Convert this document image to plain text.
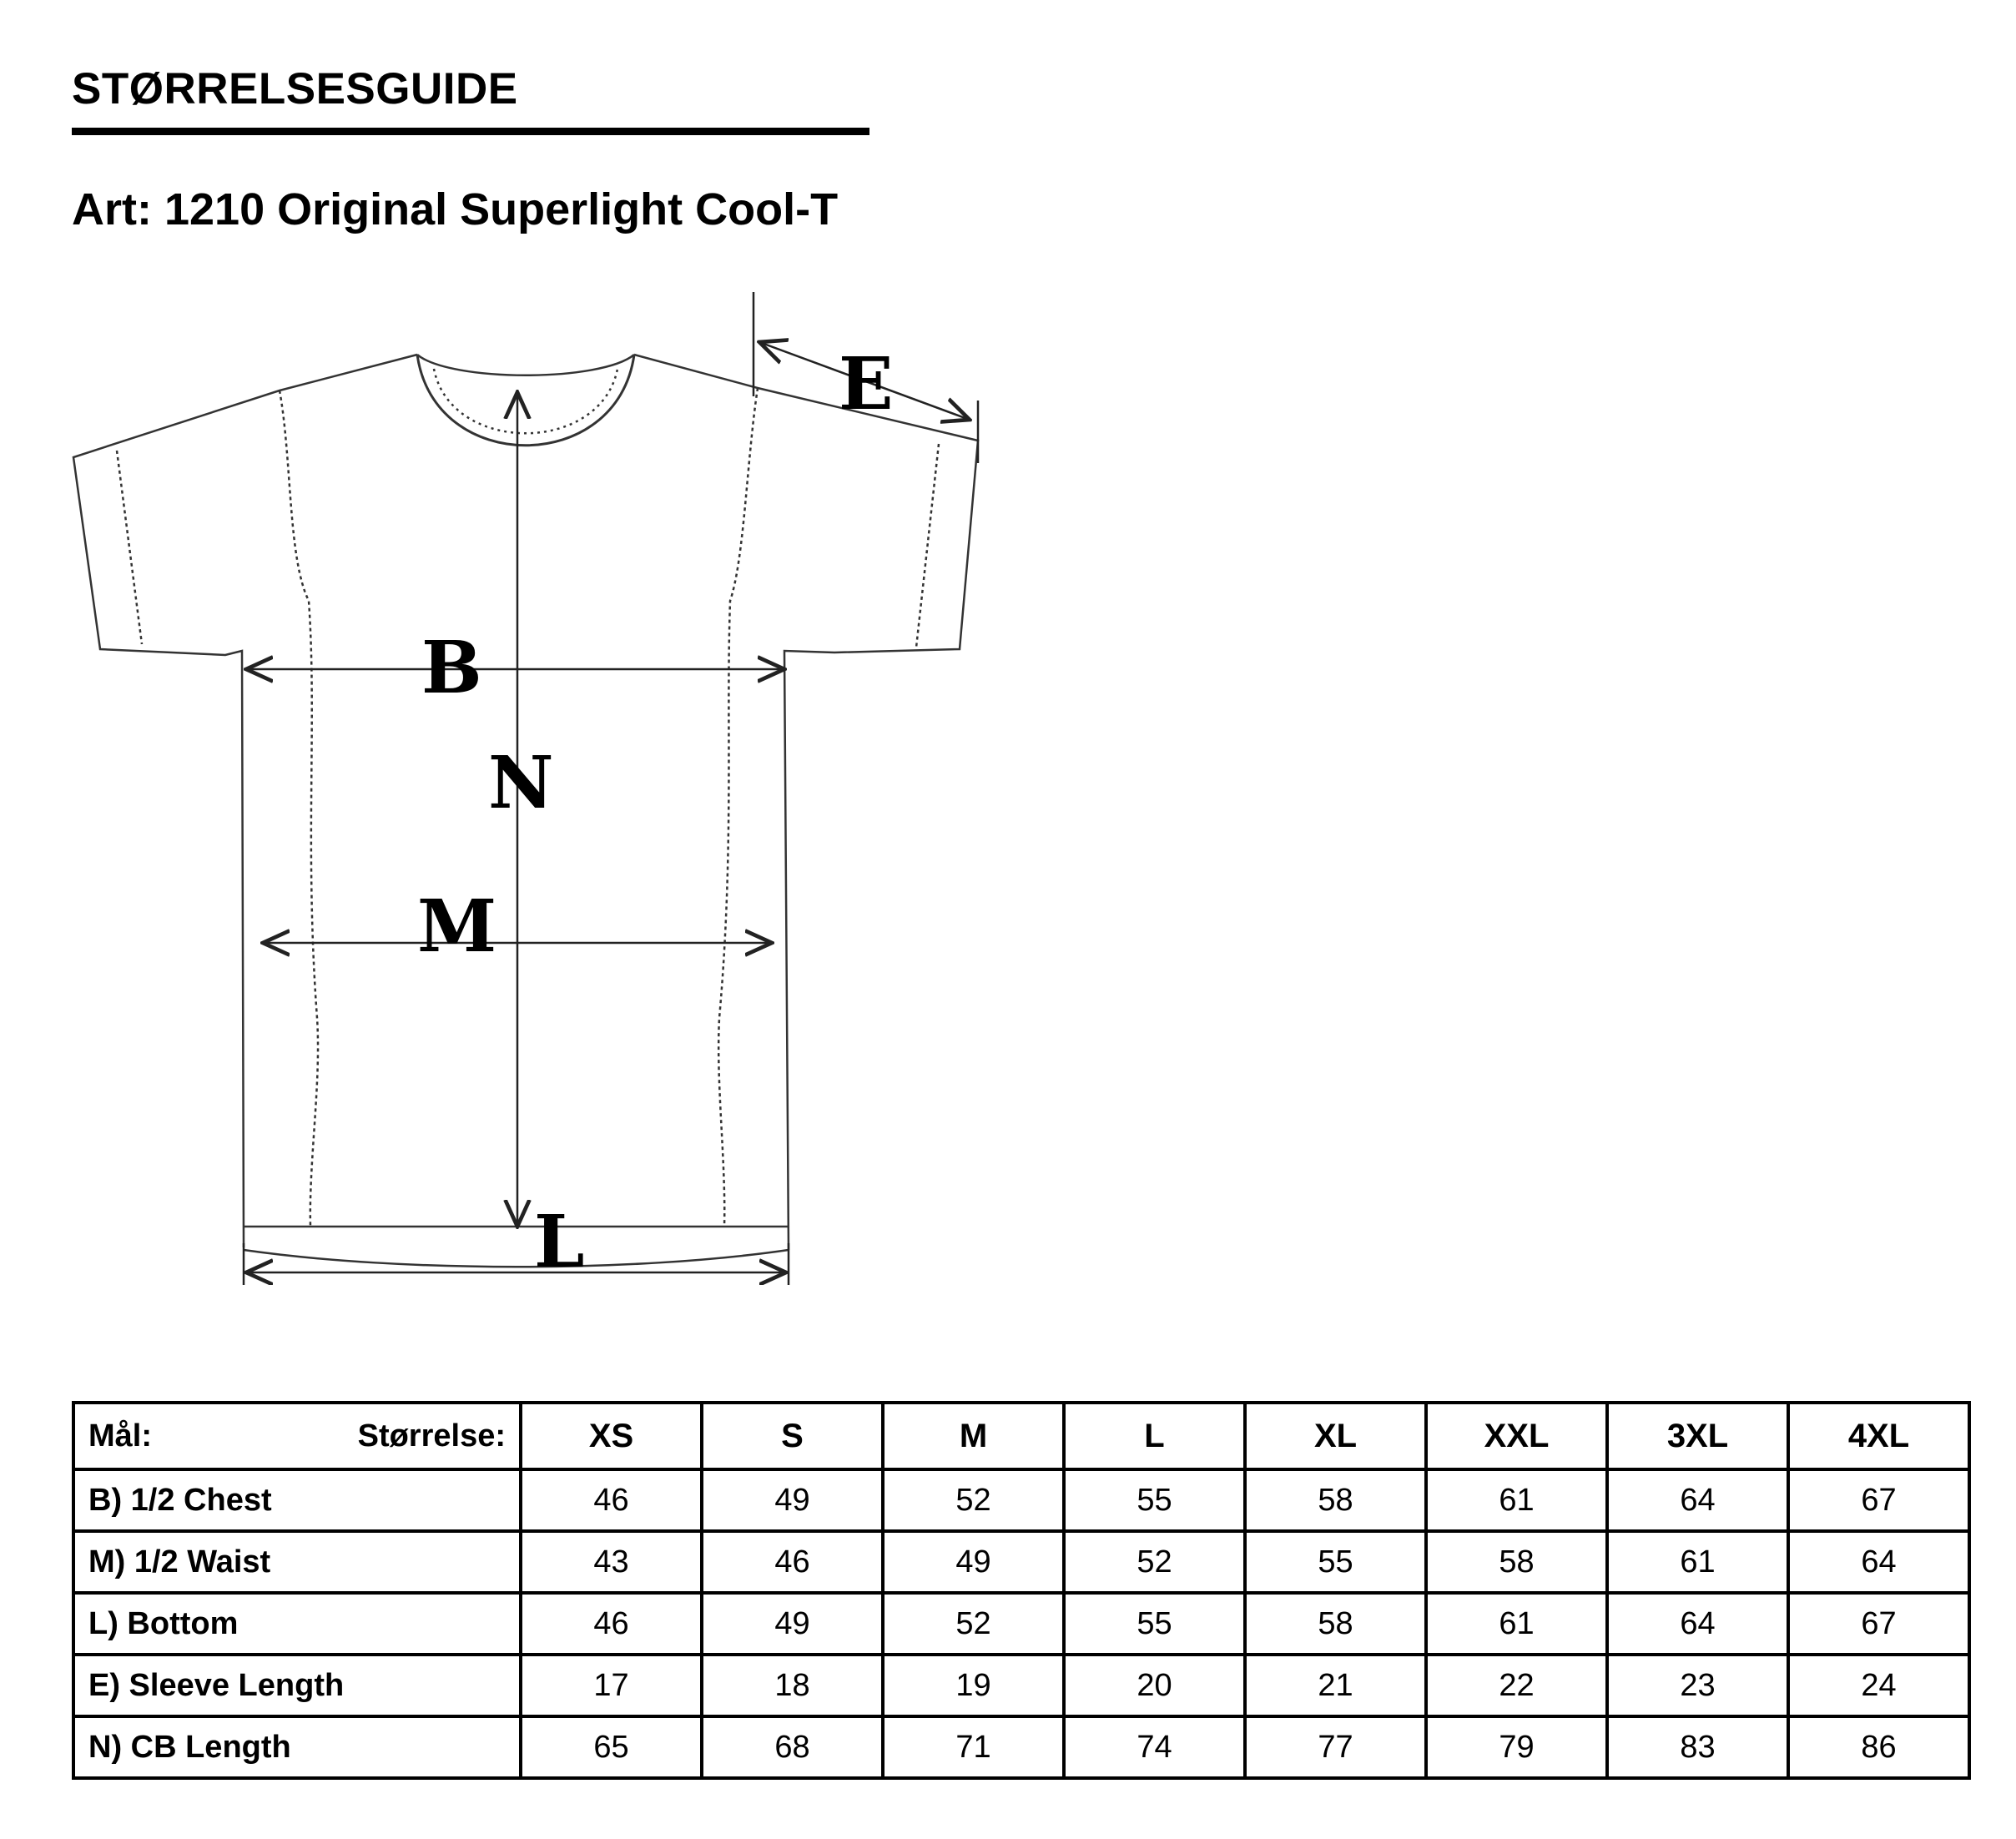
STØRRELSESGUIDE
Art: 1210 Original Superlight Cool-T
E
B
N
M
L
Mål: Størrelse:	XS	S	M	L	XL	XXL	3XL	4XL
B) 1/2 Chest	46	49	52	55	58	61	64	67
M) 1/2 Waist	43	46	49	52	55	58	61	64
L) Bottom	46	49	52	55	58	61	64	67
E) Sleeve Length	17	18	19	20	21	22	23	24
N) CB Length	65	68	71	74	77	79	83	86
